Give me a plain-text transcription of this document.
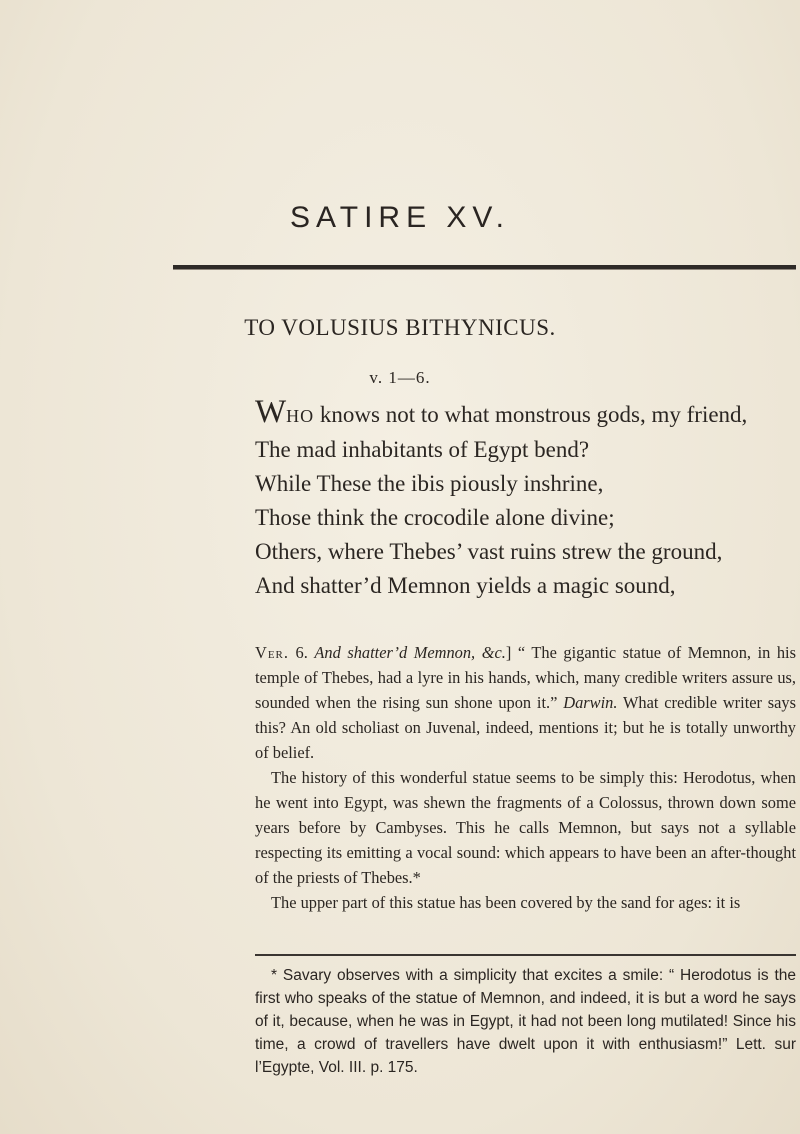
SATIRE XV.
TO VOLUSIUS BITHYNICUS.
v. 1—6.
WHO knows not to what monstrous gods, my friend,
The mad inhabitants of Egypt bend?
While These the ibis piously inshrine,
Those think the crocodile alone divine;
Others, where Thebes’ vast ruins strew the ground,
And shatter’d Memnon yields a magic sound,

Ver. 6. And shatter’d Memnon, &c.] “ The gigantic statue of Memnon, in his temple of Thebes, had a lyre in his hands, which, many credible writers assure us, sounded when the rising sun shone upon it.” Darwin. What credible writer says this? An old scholiast on Juvenal, indeed, mentions it; but he is totally unworthy of belief.

The history of this wonderful statue seems to be simply this: Herodotus, when he went into Egypt, was shewn the fragments of a Colossus, thrown down some years before by Cambyses. This he calls Memnon, but says not a syllable respecting its emitting a vocal sound: which appears to have been an after-thought of the priests of Thebes.*

The upper part of this statue has been covered by the sand for ages: it is

* Savary observes with a simplicity that excites a smile: “ Herodotus is the first who speaks of the statue of Memnon, and indeed, it is but a word he says of it, because, when he was in Egypt, it had not been long mutilated! Since his time, a crowd of travellers have dwelt upon it with enthusiasm!” Lett. sur l’Egypte, Vol. III. p. 175.
